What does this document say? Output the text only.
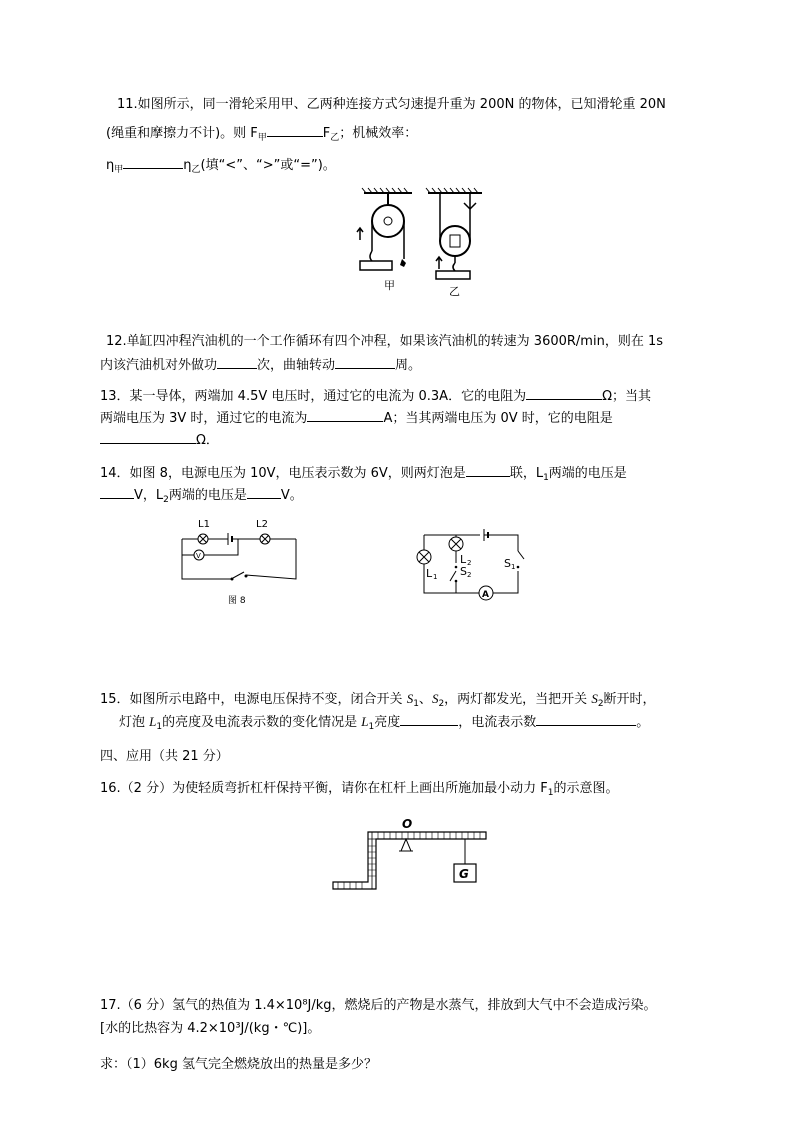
11.如图所示，同一滑轮采用甲、乙两种连接方式匀速提升重为 200N 的物体，已知滑轮重 20N
(绳重和摩擦力不计)。则 $F_甲$	$F_乙$；机械效率：
$\eta_甲$	$\eta_乙$(填“<”、“>”或“=”)。
甲	乙
12.单缸四冲程汽油机的一个工作循环有四个冲程，如果该汽油机的转速为 3600R/min，则在 1s
内该汽油机对外做功	次，曲轴转动	周。
13．某一导体，两端加 4.5V 电压时，通过它的电流为 0.3A．它的电阻为	Ω；当其
两端电压为 3V 时，通过它的电流为	A；当其两端电压为 0V 时，它的电阻是
Ω．
14．如图 8，电源电压为 10V，电压表示数为 6V，则两灯泡是	联，$L_1$两端的电压是
V，$L_2$两端的电压是	V。
L1	L2
V
图 8
L 1
L 2
S 2
A
S 1
15．如图所示电路中，电源电压保持不变，闭合开关 $S_1$、$S_2$，两灯都发光，当把开关 $S_2$断开时，
灯泡 $L_1$的亮度及电流表示数的变化情况是 $L_1$亮度	，电流表示数	。
四、应用（共 21 分）
16.（2 分）为使轻质弯折杠杆保持平衡，请你在杠杆上画出所施加最小动力 $F_1$的示意图。
O
G
17.（6 分）氢气的热值为 1.4×10⁸J/kg，燃烧后的产物是水蒸气，排放到大气中不会造成污染。
[水的比热容为 4.2×10³J/(kg・℃)]。
求：（1）6kg 氢气完全燃烧放出的热量是多少？
